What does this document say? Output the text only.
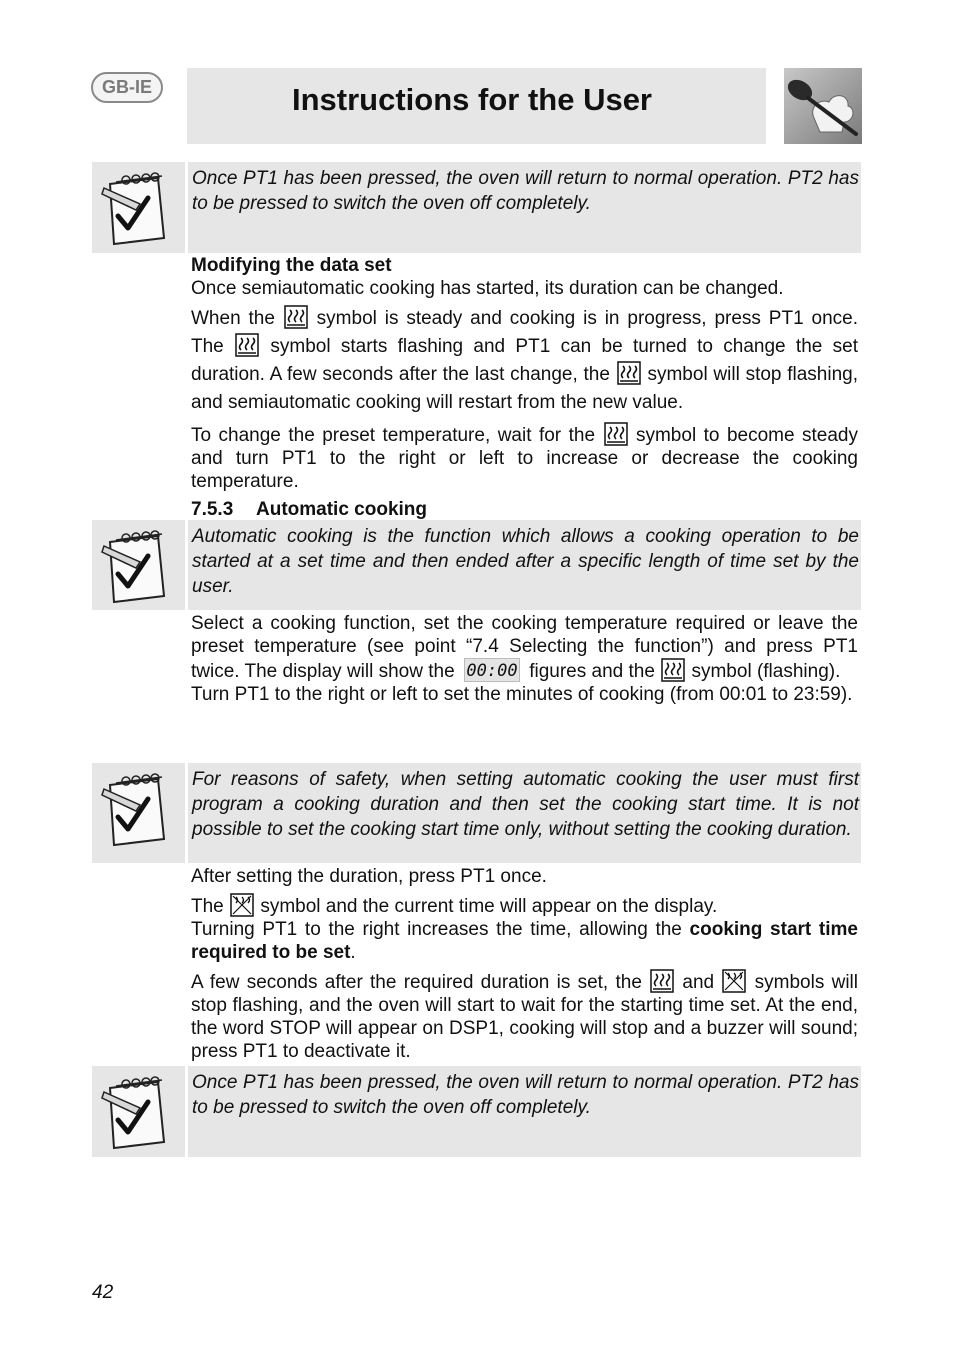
GB-IE	Instructions for the User

Once PT1 has been pressed, the oven will return to normal operation. PT2 has to be pressed to switch the oven off completely.

Modifying the data set

Once semiautomatic cooking has started, its duration can be changed.

When the symbol is steady and cooking is in progress, press PT1 once. The symbol starts flashing and PT1 can be turned to change the set duration. A few seconds after the last change, the symbol will stop flashing, and semiautomatic cooking will restart from the new value.

To change the preset temperature, wait for the symbol to become steady and turn PT1 to the right or left to increase or decrease the cooking temperature.

7.5.3 Automatic cooking

Automatic cooking is the function which allows a cooking operation to be started at a set time and then ended after a specific length of time set by the user.

Select a cooking function, set the cooking temperature required or leave the preset temperature (see point “7.4 Selecting the function”) and press PT1 twice. The display will show the 00:00 figures and the symbol (flashing).

Turn PT1 to the right or left to set the minutes of cooking (from 00:01 to 23:59).

For reasons of safety, when setting automatic cooking the user must first program a cooking duration and then set the cooking start time. It is not possible to set the cooking start time only, without setting the cooking duration.

After setting the duration, press PT1 once.

The symbol and the current time will appear on the display.

Turning PT1 to the right increases the time, allowing the cooking start time required to be set.

A few seconds after the required duration is set, the and symbols will stop flashing, and the oven will start to wait for the starting time set. At the end, the word STOP will appear on DSP1, cooking will stop and a buzzer will sound; press PT1 to deactivate it.

Once PT1 has been pressed, the oven will return to normal operation. PT2 has to be pressed to switch the oven off completely.

42
